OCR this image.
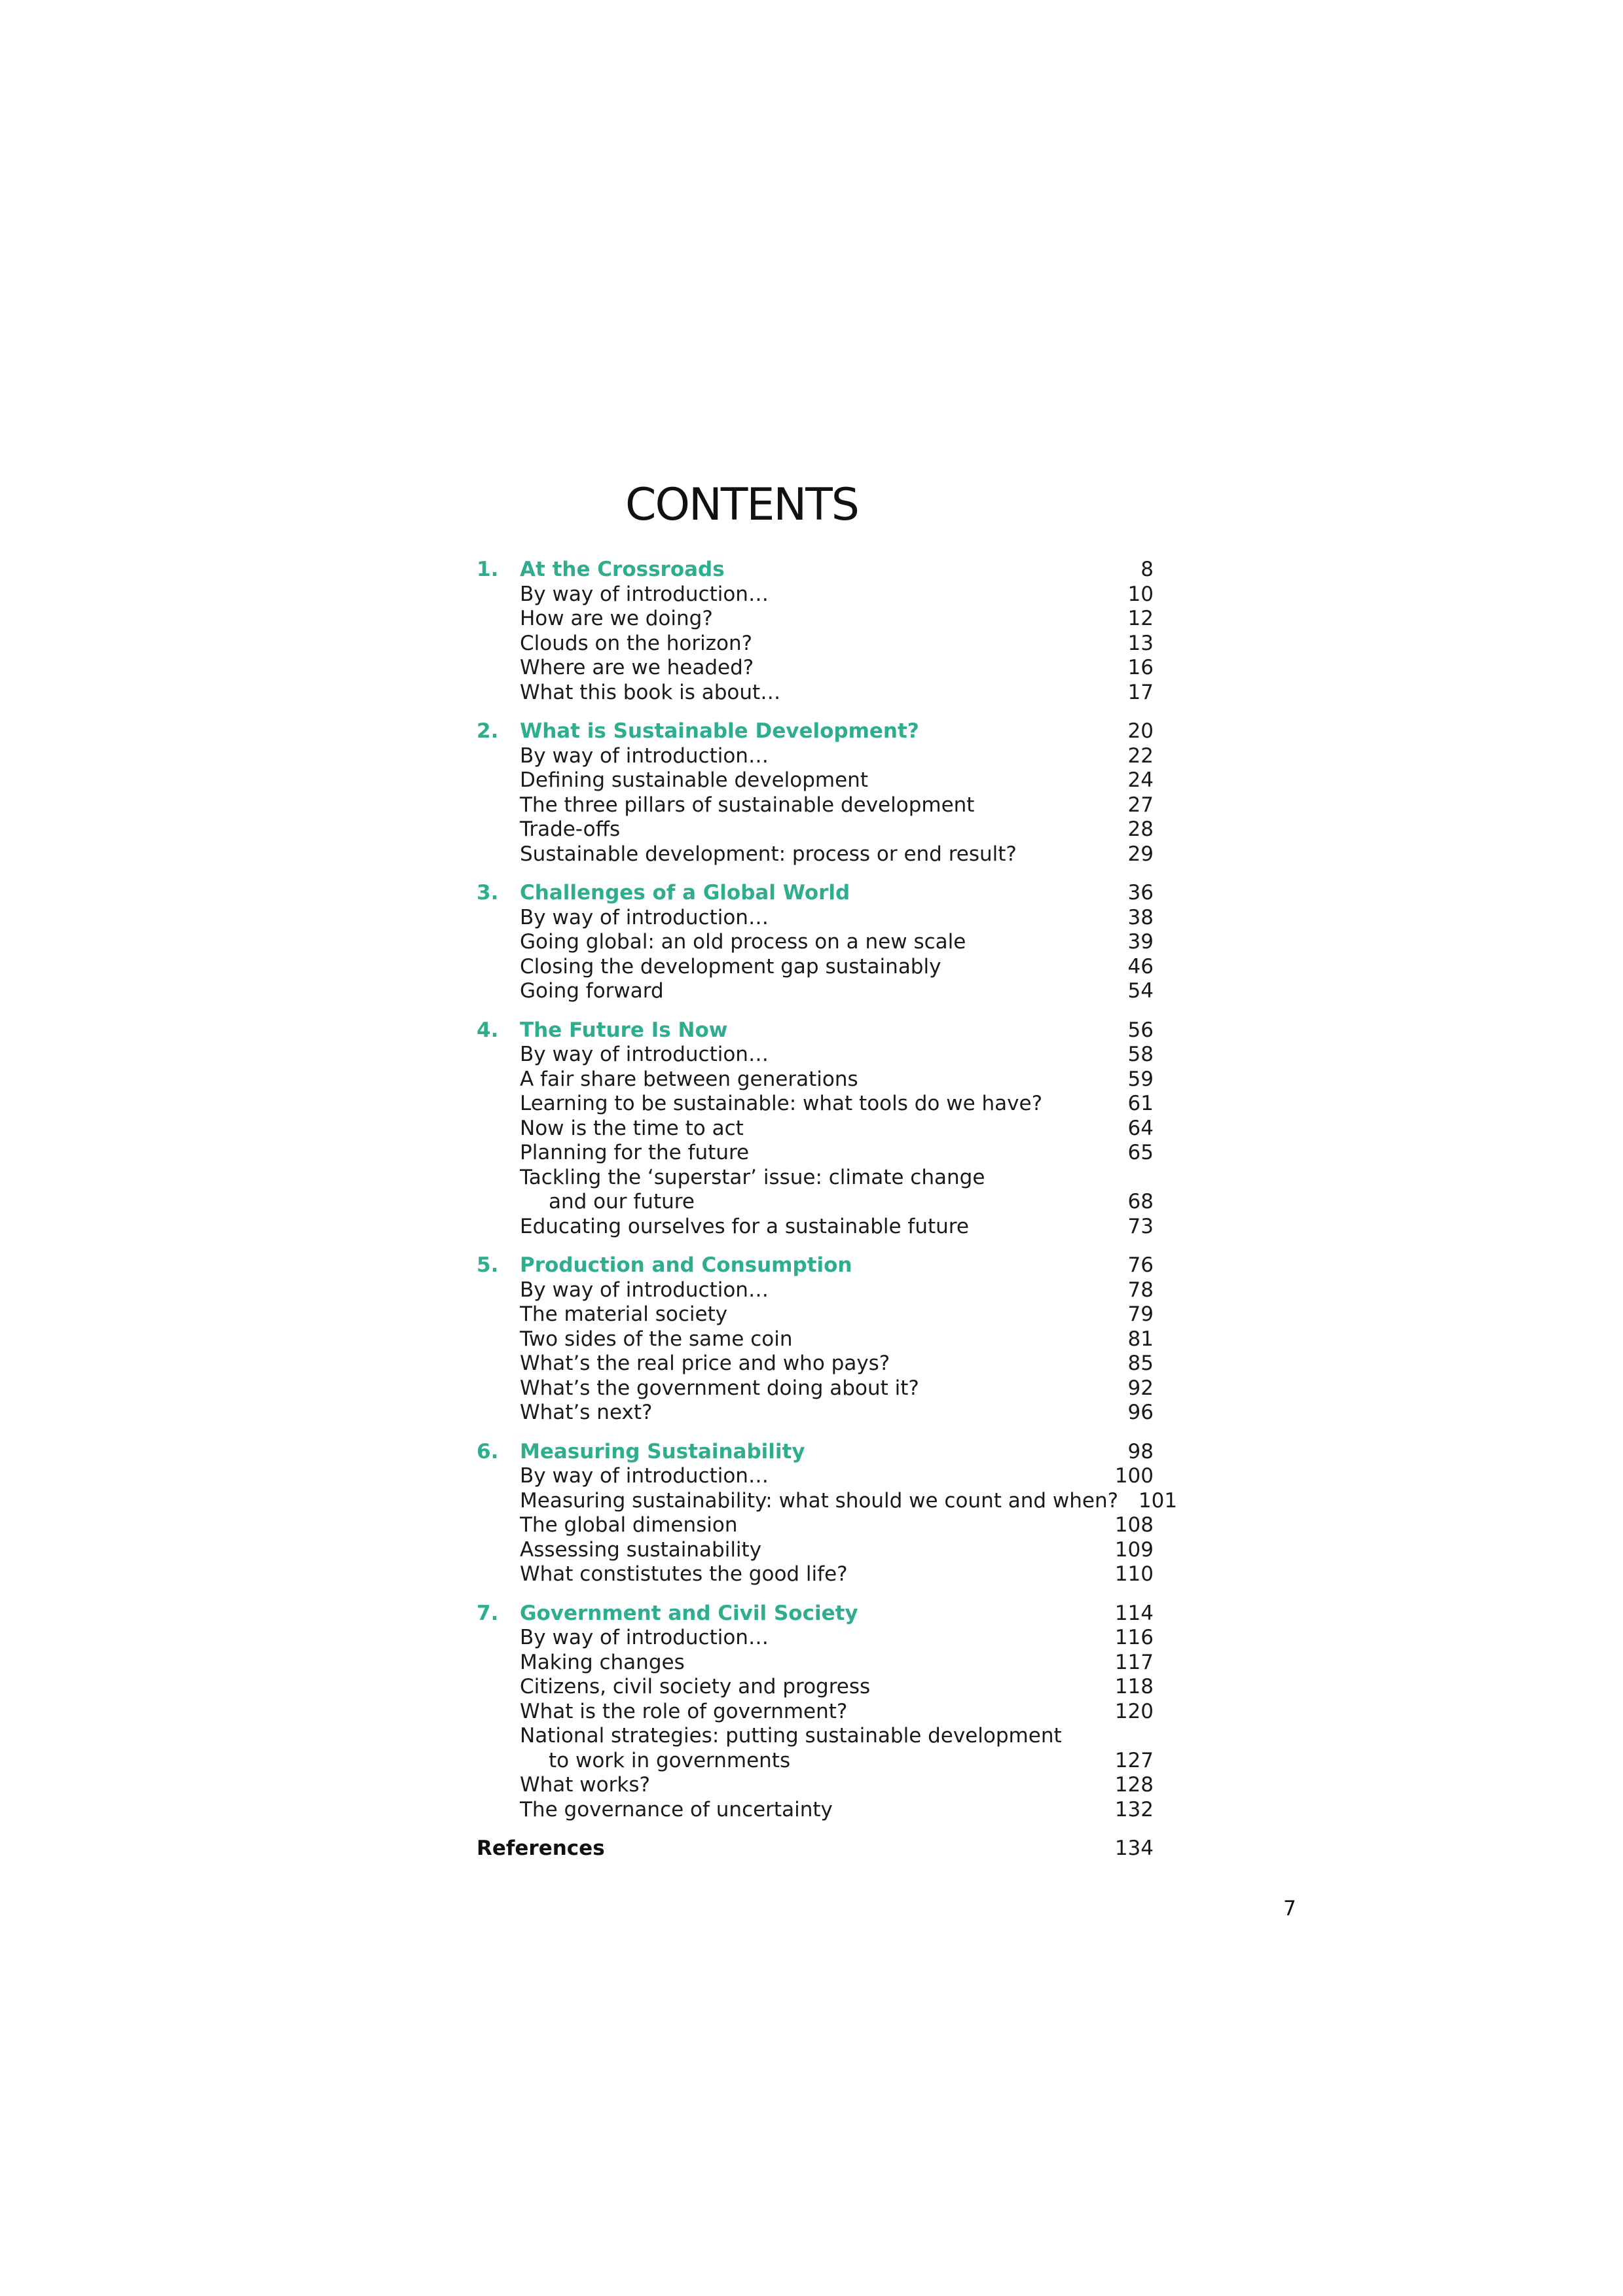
CONTENTS
1.	At the Crossroads	8
By way of introduction…	10
How are we doing?	12
Clouds on the horizon?	13
Where are we headed?	16
What this book is about…	17
2.	What is Sustainable Development?	20
By way of introduction…	22
Defining sustainable development	24
The three pillars of sustainable development	27
Trade-offs	28
Sustainable development: process or end result?	29
3.	Challenges of a Global World	36
By way of introduction…	38
Going global: an old process on a new scale	39
Closing the development gap sustainably	46
Going forward	54
4.	The Future Is Now	56
By way of introduction…	58
A fair share between generations	59
Learning to be sustainable: what tools do we have?	61
Now is the time to act	64
Planning for the future	65
Tackling the ‘superstar’ issue: climate change
and our future	68
Educating ourselves for a sustainable future	73
5.	Production and Consumption	76
By way of introduction…	78
The material society	79
Two sides of the same coin	81
What’s the real price and who pays?	85
What’s the government doing about it?	92
What’s next?	96
6.	Measuring Sustainability	98
By way of introduction…	100
Measuring sustainability: what should we count and when? 101
The global dimension	108
Assessing sustainability	109
What constistutes the good life?	110
7.	Government and Civil Society	114
By way of introduction…	116
Making changes	117
Citizens, civil society and progress	118
What is the role of government?	120
National strategies: putting sustainable development
to work in governments	127
What works?	128
The governance of uncertainty	132
References	134
7
